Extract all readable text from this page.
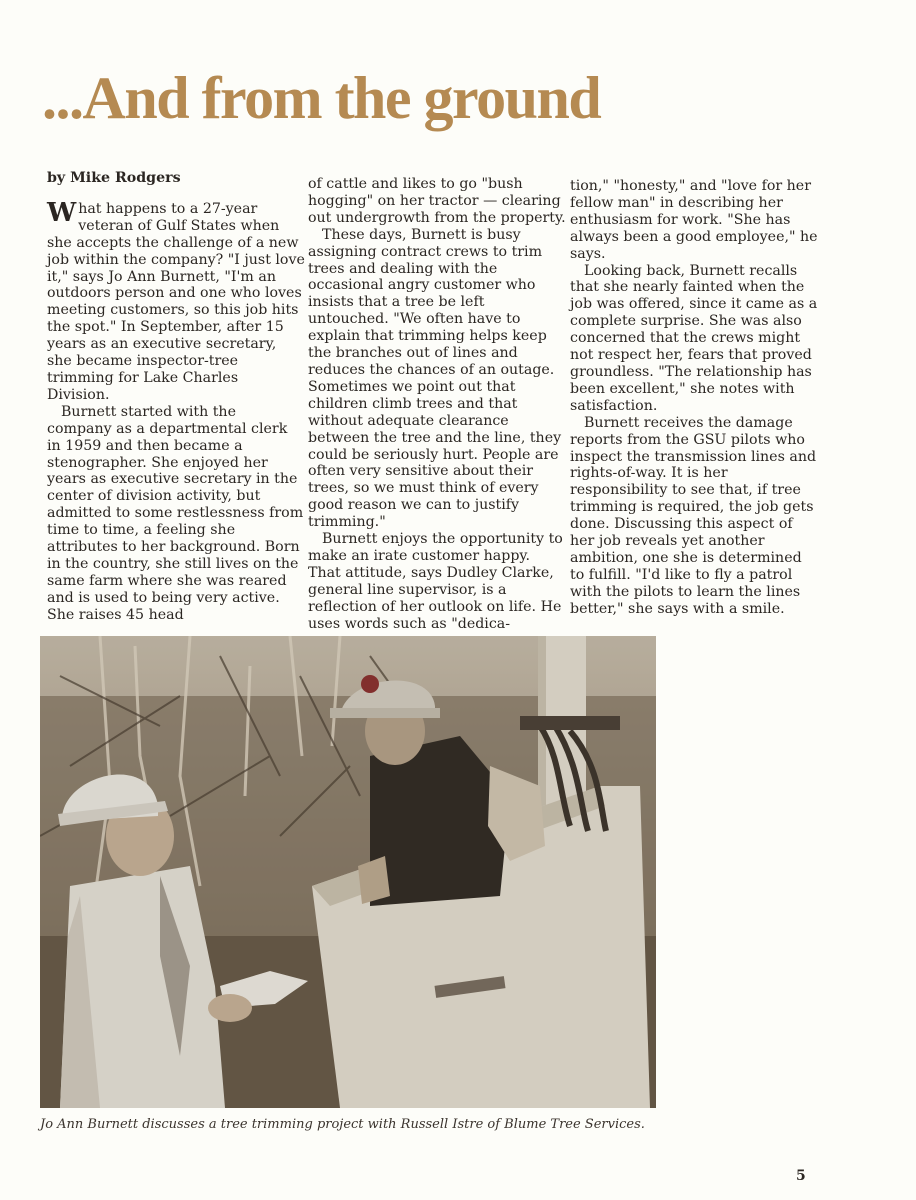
...And from the ground

by Mike Rodgers

What happens to a 27-year veteran of Gulf States when she accepts the challenge of a new job within the company? "I just love it," says Jo Ann Burnett, "I'm an outdoors person and one who loves meeting customers, so this job hits the spot." In September, after 15 years as an executive secretary, she became inspector-tree trimming for Lake Charles Division.

Burnett started with the company as a departmental clerk in 1959 and then became a stenographer. She enjoyed her years as executive secretary in the center of division activity, but admitted to some restlessness from time to time, a feeling she attributes to her background. Born in the country, she still lives on the same farm where she was reared and is used to being very active. She raises 45 head

of cattle and likes to go "bush hogging" on her tractor — clearing out undergrowth from the property.

These days, Burnett is busy assigning contract crews to trim trees and dealing with the occasional angry customer who insists that a tree be left untouched. "We often have to explain that trimming helps keep the branches out of lines and reduces the chances of an outage. Sometimes we point out that children climb trees and that without adequate clearance between the tree and the line, they could be seriously hurt. People are often very sensitive about their trees, so we must think of every good reason we can to justify trimming."

Burnett enjoys the opportunity to make an irate customer happy. That attitude, says Dudley Clarke, general line supervisor, is a reflection of her outlook on life. He uses words such as "dedica-

tion," "honesty," and "love for her fellow man" in describing her enthusiasm for work. "She has always been a good employee," he says.

Looking back, Burnett recalls that she nearly fainted when the job was offered, since it came as a complete surprise. She was also concerned that the crews might not respect her, fears that proved groundless. "The relationship has been excellent," she notes with satisfaction.

Burnett receives the damage reports from the GSU pilots who inspect the transmission lines and rights-of-way. It is her responsibility to see that, if tree trimming is required, the job gets done. Discussing this aspect of her job reveals yet another ambition, one she is determined to fulfill. "I'd like to fly a patrol with the pilots to learn the lines better," she says with a smile.

Jo Ann Burnett discusses a tree trimming project with Russell Istre of Blume Tree Services.

5
